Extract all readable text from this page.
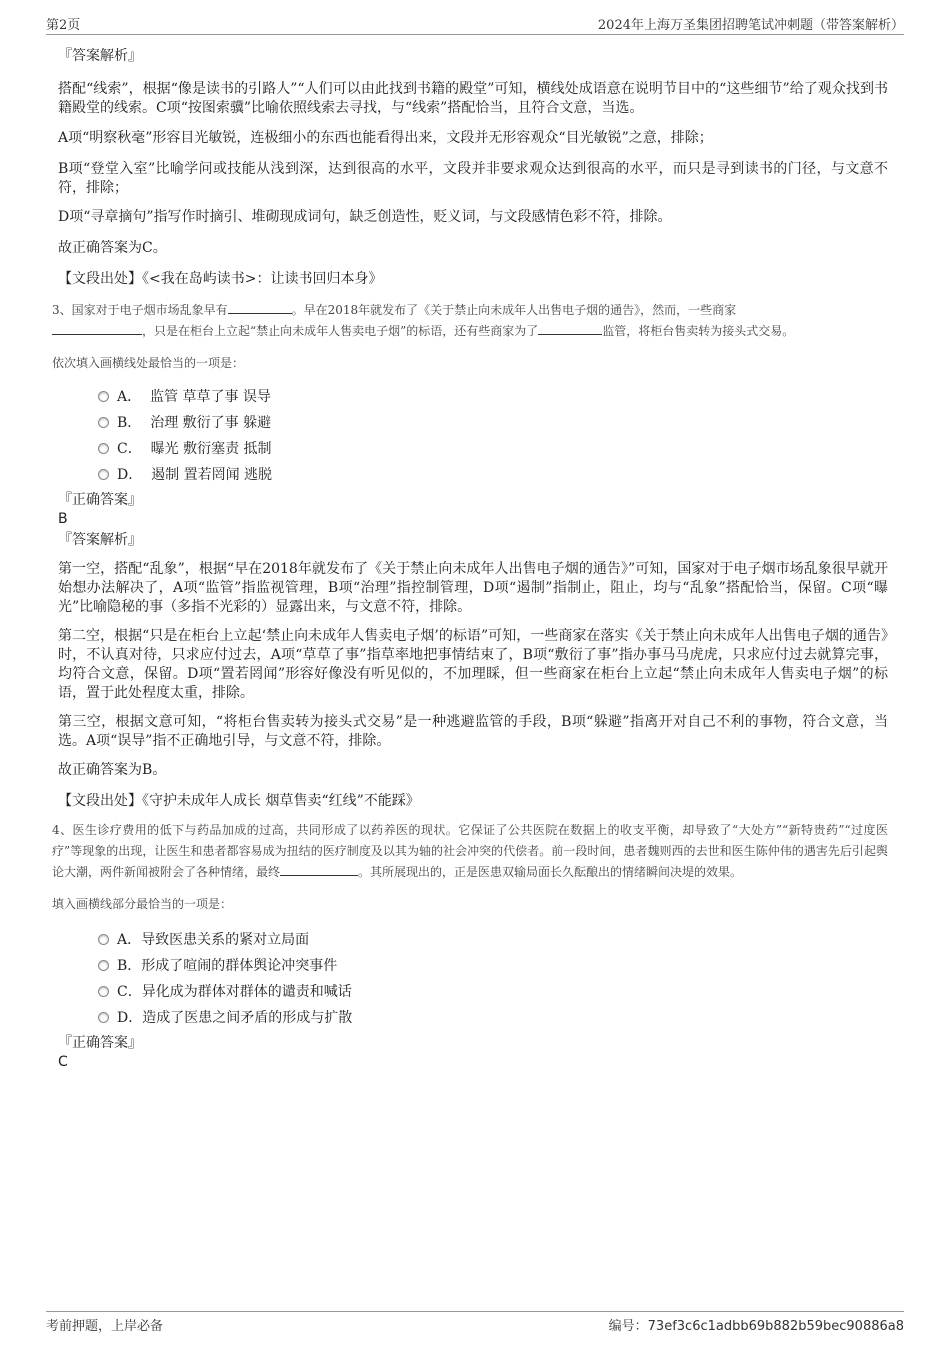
第2页	2024年上海万圣集团招聘笔试冲刺题（带答案解析）

『答案解析』

搭配“线索”，根据“像是读书的引路人”“人们可以由此找到书籍的殿堂”可知，横线处成语意在说明节目中的“这些细节”给了观众找到书籍殿堂的线索。C项“按图索骥”比喻依照线索去寻找，与“线索”搭配恰当，且符合文意，当选。

A项“明察秋毫”形容目光敏锐，连极细小的东西也能看得出来，文段并无形容观众“目光敏锐”之意，排除；

B项“登堂入室”比喻学问或技能从浅到深，达到很高的水平，文段并非要求观众达到很高的水平，而只是寻到读书的门径，与文意不符，排除；

D项“寻章摘句”指写作时摘引、堆砌现成词句，缺乏创造性，贬义词，与文段感情色彩不符，排除。

故正确答案为C。

【文段出处】《<我在岛屿读书>：让读书回归本身》

3、国家对于电子烟市场乱象早有	。早在2018年就发布了《关于禁止向未成年人出售电子烟的通告》，然而，一些商家
，只是在柜台上立起“禁止向未成年人售卖电子烟”的标语，还有些商家为了	监管，将柜台售卖转为接头式交易。

依次填入画横线处最恰当的一项是：

A． 监管 草草了事 误导
B． 治理 敷衍了事 躲避
C． 曝光 敷衍塞责 抵制
D． 遏制 置若罔闻 逃脱

『正确答案』

B

『答案解析』

第一空，搭配“乱象”，根据“早在2018年就发布了《关于禁止向未成年人出售电子烟的通告》”可知，国家对于电子烟市场乱象很早就开始想办法解决了，A项“监管”指监视管理，B项“治理”指控制管理，D项“遏制”指制止，阻止，均与“乱象”搭配恰当，保留。C项“曝光”比喻隐秘的事（多指不光彩的）显露出来，与文意不符，排除。

第二空，根据“只是在柜台上立起‘禁止向未成年人售卖电子烟’的标语”可知，一些商家在落实《关于禁止向未成年人出售电子烟的通告》时，不认真对待，只求应付过去，A项“草草了事”指草率地把事情结束了，B项“敷衍了事”指办事马马虎虎，只求应付过去就算完事，均符合文意，保留。D项“置若罔闻”形容好像没有听见似的，不加理睬，但一些商家在柜台上立起“禁止向未成年人售卖电子烟”的标语，置于此处程度太重，排除。

第三空，根据文意可知，“将柜台售卖转为接头式交易”是一种逃避监管的手段，B项“躲避”指离开对自己不利的事物，符合文意，当选。A项“误导”指不正确地引导，与文意不符，排除。

故正确答案为B。

【文段出处】《守护未成年人成长 烟草售卖“红线”不能踩》

4、医生诊疗费用的低下与药品加成的过高，共同形成了以药养医的现状。它保证了公共医院在数据上的收支平衡，却导致了“大处方”“新特贵药”“过度医疗”等现象的出现，让医生和患者都容易成为扭结的医疗制度及以其为轴的社会冲突的代偿者。前一段时间，患者魏则西的去世和医生陈仲伟的遇害先后引起舆论大潮，两件新闻被附会了各种情绪，最终	。其所展现出的，正是医患双输局面长久酝酿出的情绪瞬间决堤的效果。

填入画横线部分最恰当的一项是：

A．导致医患关系的紧对立局面
B．形成了喧闹的群体舆论冲突事件
C．异化成为群体对群体的谴责和喊话
D．造成了医患之间矛盾的形成与扩散

『正确答案』

C

考前押题，上岸必备	编号：73ef3c6c1adbb69b882b59bec90886a8
